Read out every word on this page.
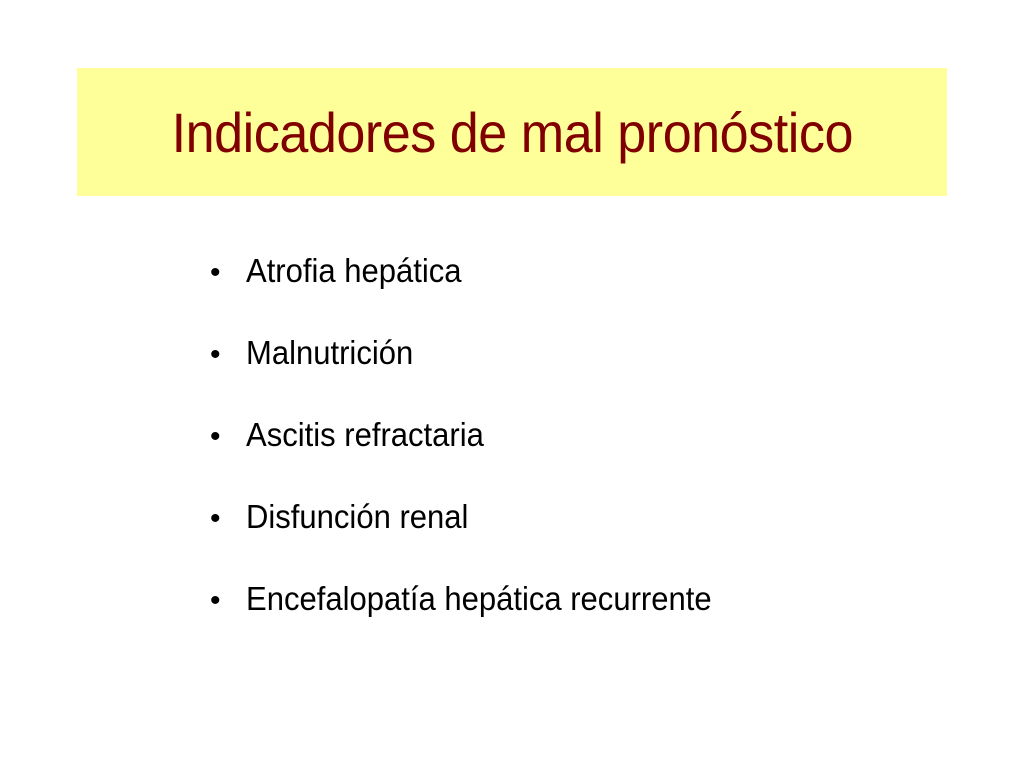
Indicadores de mal pronóstico
• Atrofia hepática
• Malnutrición
• Ascitis refractaria
• Disfunción renal
• Encefalopatía hepática recurrente
